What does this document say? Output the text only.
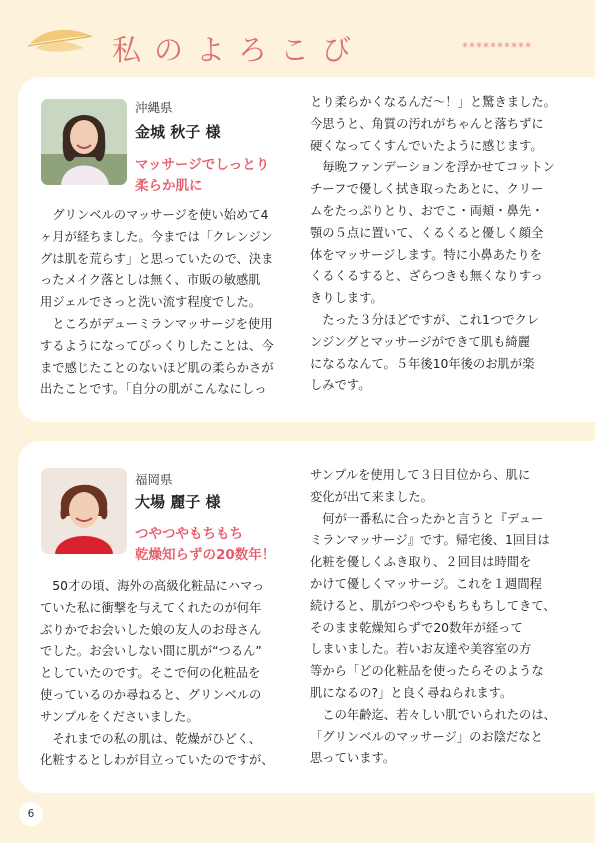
私のよろこび	**********
沖縄県
金城 秋子 様
マッサージでしっとり
柔らか肌に

グリンベルのマッサージを使い始めて4
ヶ月が経ちました。今までは「クレンジン
グは肌を荒らす」と思っていたので、決ま
ったメイク落としは無く、市販の敏感肌
用ジェルでさっと洗い流す程度でした。

ところがデューミランマッサージを使用
するようになってびっくりしたことは、今
まで感じたことのないほど肌の柔らかさが
出たことです。「自分の肌がこんなにしっ

とり柔らかくなるんだ〜！」と驚きました。
今思うと、角質の汚れがちゃんと落ちずに
硬くなってくすんでいたように感じます。

毎晩ファンデーションを浮かせてコットン
チーフで優しく拭き取ったあとに、クリー
ムをたっぷりとり、おでこ・両頬・鼻先・
顎の５点に置いて、くるくると優しく顔全
体をマッサージします。特に小鼻あたりを
くるくるすると、ざらつきも無くなりすっ
きりします。

たった３分ほどですが、これ1つでクレ
ンジングとマッサージができて肌も綺麗
になるなんて。５年後10年後のお肌が楽
しみです。

福岡県
大場 麗子 様
つやつやもちもち
乾燥知らずの20数年！

50才の頃、海外の高級化粧品にハマっ
ていた私に衝撃を与えてくれたのが何年
ぶりかでお会いした娘の友人のお母さん
でした。お会いしない間に肌が“つるん”
としていたのです。そこで何の化粧品を
使っているのか尋ねると、グリンベルの
サンプルをくださいました。

それまでの私の肌は、乾燥がひどく、
化粧するとしわが目立っていたのですが、

サンプルを使用して３日目位から、肌に
変化が出て来ました。

何が一番私に合ったかと言うと『デュー
ミランマッサージ』です。帰宅後、1回目は
化粧を優しくふき取り、２回目は時間を
かけて優しくマッサージ。これを１週間程
続けると、肌がつやつやもちもちしてきて、
そのまま乾燥知らずで20数年が経って
しまいました。若いお友達や美容室の方
等から「どの化粧品を使ったらそのような
肌になるの?」と良く尋ねられます。

この年齢迄、若々しい肌でいられたのは、
「グリンベルのマッサージ」のお陰だなと
思っています。

6
